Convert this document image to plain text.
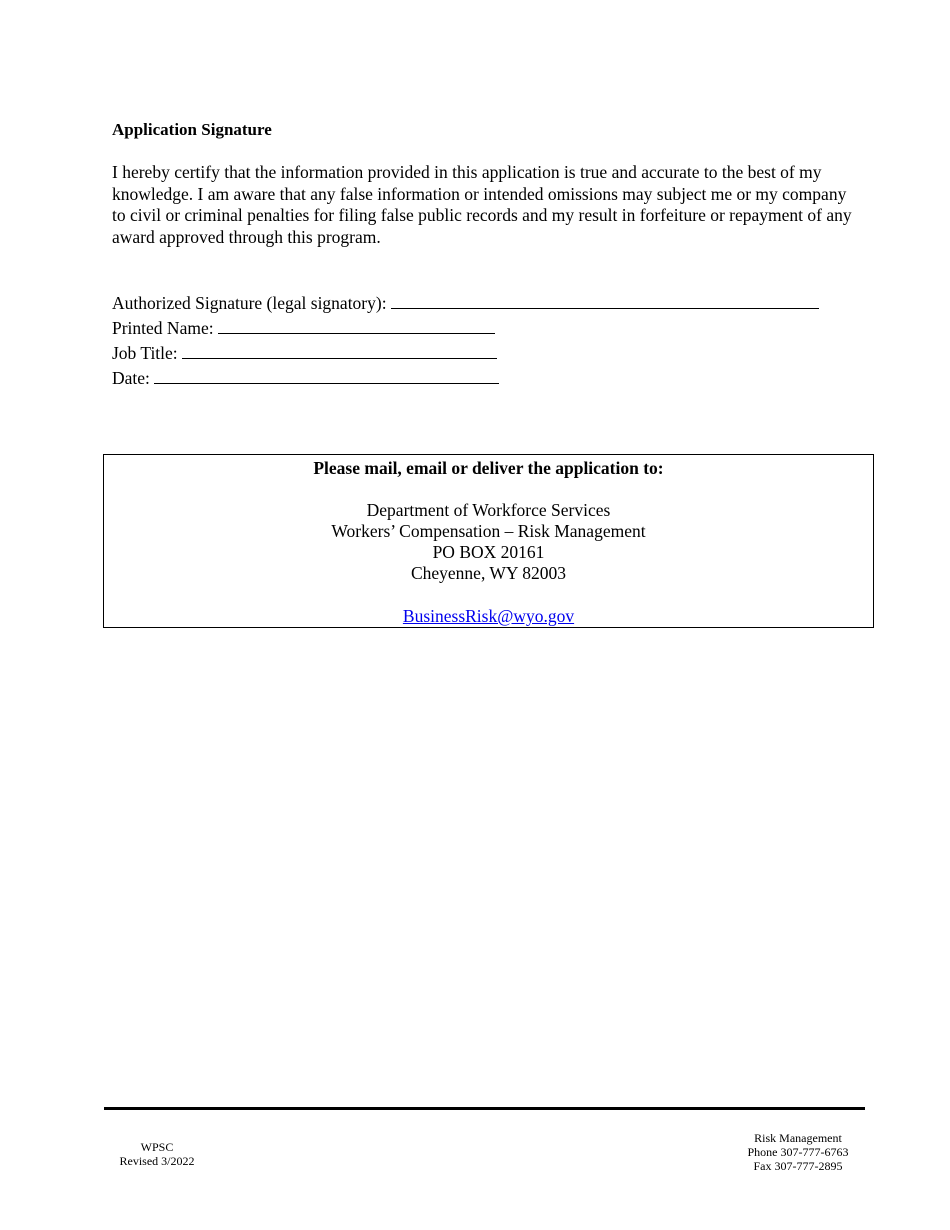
Application Signature

I hereby certify that the information provided in this application is true and accurate to the best of my knowledge. I am aware that any false information or intended omissions may subject me or my company to civil or criminal penalties for filing false public records and my result in forfeiture or repayment of any award approved through this program.

Authorized Signature (legal signatory):
Printed Name:
Job Title:
Date:
Please mail, email or deliver the application to:
Department of Workforce Services
Workers’ Compensation – Risk Management
PO BOX 20161
Cheyenne, WY 82003
BusinessRisk@wyo.gov
WPSC
Revised 3/2022
Risk Management
Phone 307-777-6763
Fax 307-777-2895
